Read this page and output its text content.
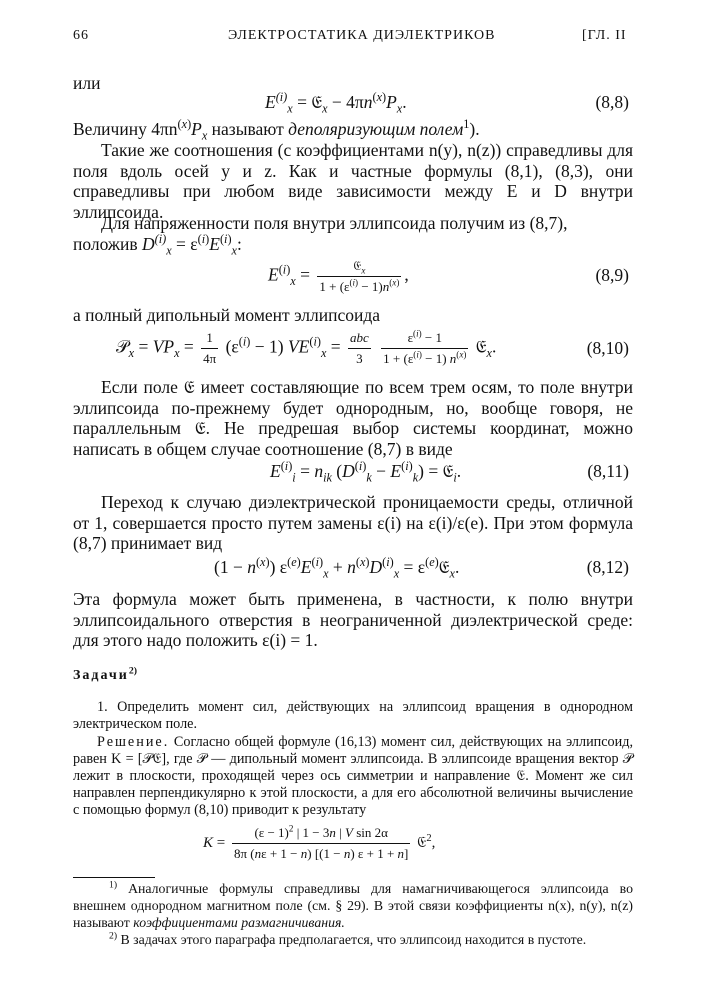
66	ЭЛЕКТРОСТАТИКА ДИЭЛЕКТРИКОВ	[ГЛ. II
или
$E^{(i)}_x$ = 𝔈$_x$ − $4\pi n^{(x)}P_x$.	(8,8)
Величину $4\pi n^{(x)}P_x$ называют деполяризующим полем$^1$).
Такие же соотношения (с коэффициентами n(y), n(z)) справедливы для поля вдоль осей y и z. Как и частные формулы (8,1), (8,3), они справедливы при любом виде зависимости между E и D внутри эллипсоида.
Для напряженности поля внутри эллипсоида получим из (8,7),
положив $D^{(i)}_x = \varepsilon^{(i)}E^{(i)}_x$:
$E^{(i)}_x = \frac{𝔈_x}{1 + (\varepsilon^{(i)} - 1)n^{(x)}}$ ,	(8,9)
а полный дипольный момент эллипсоида
𝒫$_x$ = $VP_x = \frac{1}{4\pi} (\varepsilon^{(i)} - 1) VE^{(i)}_x = \frac{\text{abc}}{3}$
$\frac{\varepsilon^{(i)} - 1}{1 + (\varepsilon^{(i)} - 1) n^{(x)}}$ 𝔈$_x$.	(8,10)
Если поле 𝔈 имеет составляющие по всем трем осям, то поле внутри эллипсоида по-прежнему будет однородным, но, вообще говоря, не параллельным 𝔈. Не предрешая выбор системы координат, можно написать в общем случае соотношение (8,7) в виде
$E^{(i)}_i = n_{ik}$ $(D^{(i)}_k - E^{(i)}_k)$ = 𝔈$_i$.	(8,11)
Переход к случаю диэлектрической проницаемости среды, отличной от 1, совершается просто путем замены ε(i) на ε(i)/ε(e). При этом формула (8,7) принимает вид
$(1 - n^{(x)})$ $\varepsilon^{(e)}E^{(i)}_x + n^{(x)}D^{(i)}_x$ = $\varepsilon^{(e)}𝔈_x$.	(8,12)
Эта формула может быть применена, в частности, к полю внутри эллипсоидального отверстия в неограниченной диэлектрической среде: для этого надо положить ε(i) = 1.
Задачи$^{2)}$
1. Определить момент сил, действующих на эллипсоид вращения в однородном электрическом поле.
Решение. Согласно общей формуле (16,13) момент сил, действующих на эллипсоид, равен K = [𝒫𝔈], где 𝒫 — дипольный момент эллипсоида. В эллипсоиде вращения вектор 𝒫 лежит в плоскости, проходящей через ось симметрии и направление 𝔈. Момент же сил направлен перпендикулярно к этой плоскости, а для его абсолютной величины вычисление с помощью формул (8,10) приводит к результату
$K = \frac{(\varepsilon - 1)^2 | 1 - 3n | V \sin 2\alpha}{8\pi (n\varepsilon + 1 - n) [(1 - n) \varepsilon + 1 + n]}$ 𝔈$^2$,
$^{1)}$ Аналогичные формулы справедливы для намагничивающегося эллипсоида во внешнем однородном магнитном поле (см. § 29). В этой связи коэффициенты n(x), n(y), n(z) называют коэффициентами размагничивания.
$^{2)}$ В задачах этого параграфа предполагается, что эллипсоид находится в пустоте.
